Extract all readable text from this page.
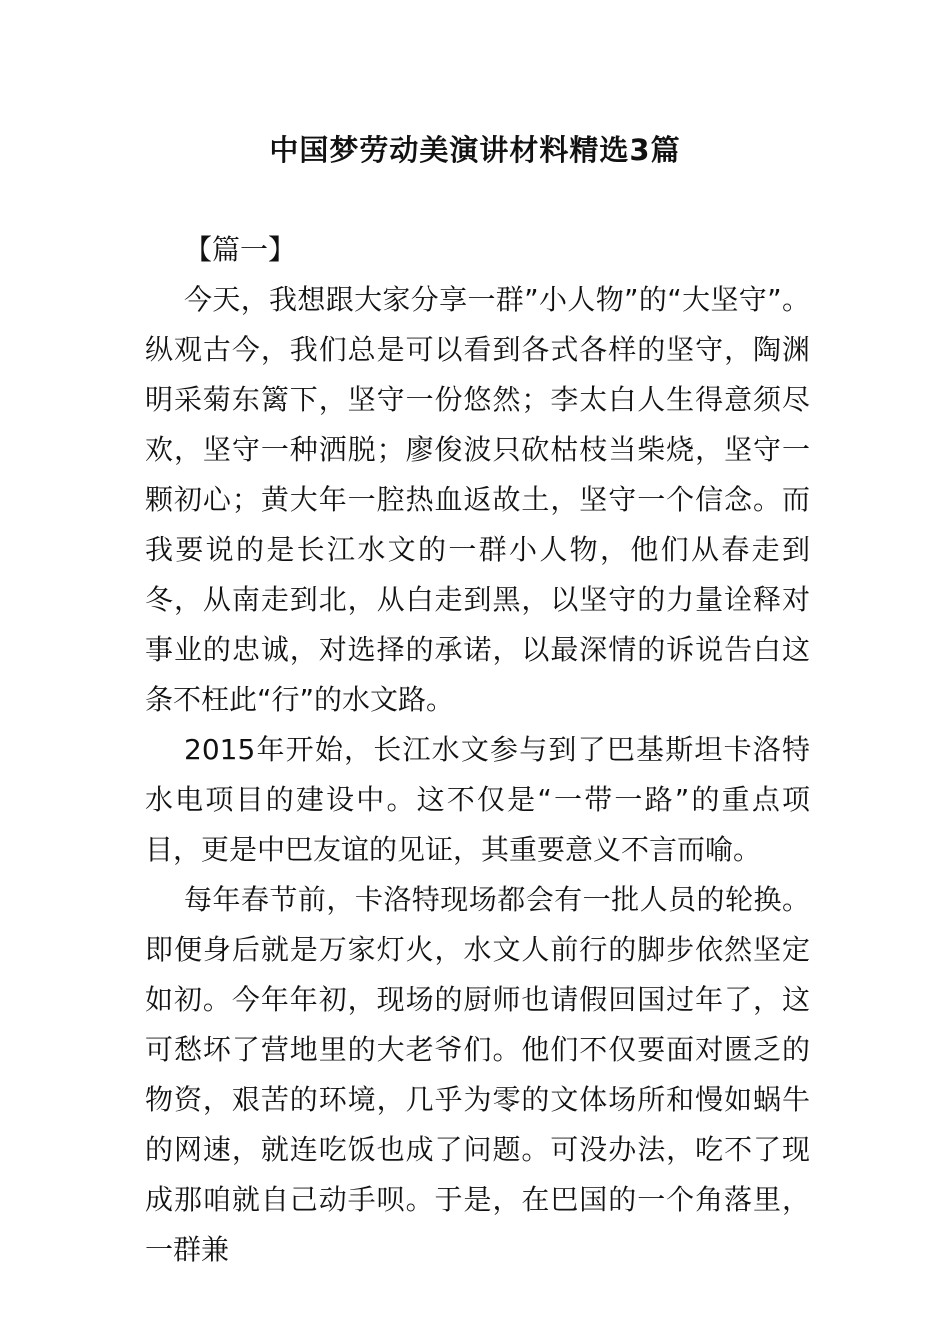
中国梦劳动美演讲材料精选3篇

【篇一】

今天，我想跟大家分享一群”小人物”的“大坚守”。纵观古今，我们总是可以看到各式各样的坚守，陶渊明采菊东篱下，坚守一份悠然；李太白人生得意须尽欢，坚守一种洒脱；廖俊波只砍枯枝当柴烧，坚守一颗初心；黄大年一腔热血返故土，坚守一个信念。而我要说的是长江水文的一群小人物，他们从春走到冬，从南走到北，从白走到黑，以坚守的力量诠释对事业的忠诚，对选择的承诺，以最深情的诉说告白这条不枉此“行”的水文路。

2015年开始，长江水文参与到了巴基斯坦卡洛特水电项目的建设中。这不仅是“一带一路”的重点项目，更是中巴友谊的见证，其重要意义不言而喻。

每年春节前，卡洛特现场都会有一批人员的轮换。即便身后就是万家灯火，水文人前行的脚步依然坚定如初。今年年初，现场的厨师也请假回国过年了，这可愁坏了营地里的大老爷们。他们不仅要面对匮乏的物资，艰苦的环境，几乎为零的文体场所和慢如蜗牛的网速，就连吃饭也成了问题。可没办法，吃不了现成那咱就自己动手呗。于是，在巴国的一个角落里，一群兼
